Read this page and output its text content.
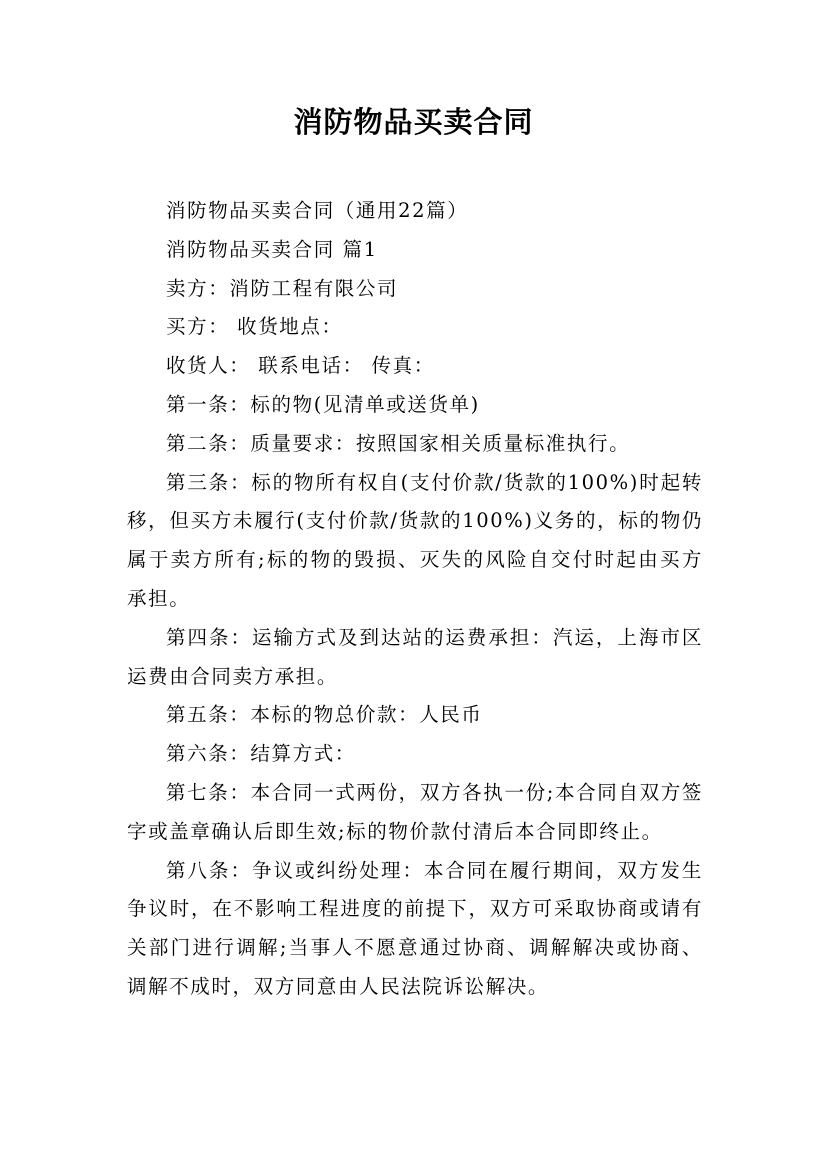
消防物品买卖合同

消防物品买卖合同（通用22篇）

消防物品买卖合同 篇1

卖方：消防工程有限公司

买方： 收货地点：

收货人： 联系电话： 传真：

第一条：标的物(见清单或送货单)

第二条：质量要求：按照国家相关质量标准执行。

第三条：标的物所有权自(支付价款/货款的100%)时起转移，但买方未履行(支付价款/货款的100%)义务的，标的物仍属于卖方所有;标的物的毁损、灭失的风险自交付时起由买方承担。

第四条：运输方式及到达站的运费承担：汽运，上海市区运费由合同卖方承担。

第五条：本标的物总价款：人民币

第六条：结算方式：

第七条：本合同一式两份，双方各执一份;本合同自双方签字或盖章确认后即生效;标的物价款付清后本合同即终止。

第八条：争议或纠纷处理：本合同在履行期间，双方发生争议时，在不影响工程进度的前提下，双方可采取协商或请有关部门进行调解;当事人不愿意通过协商、调解解决或协商、调解不成时，双方同意由人民法院诉讼解决。
